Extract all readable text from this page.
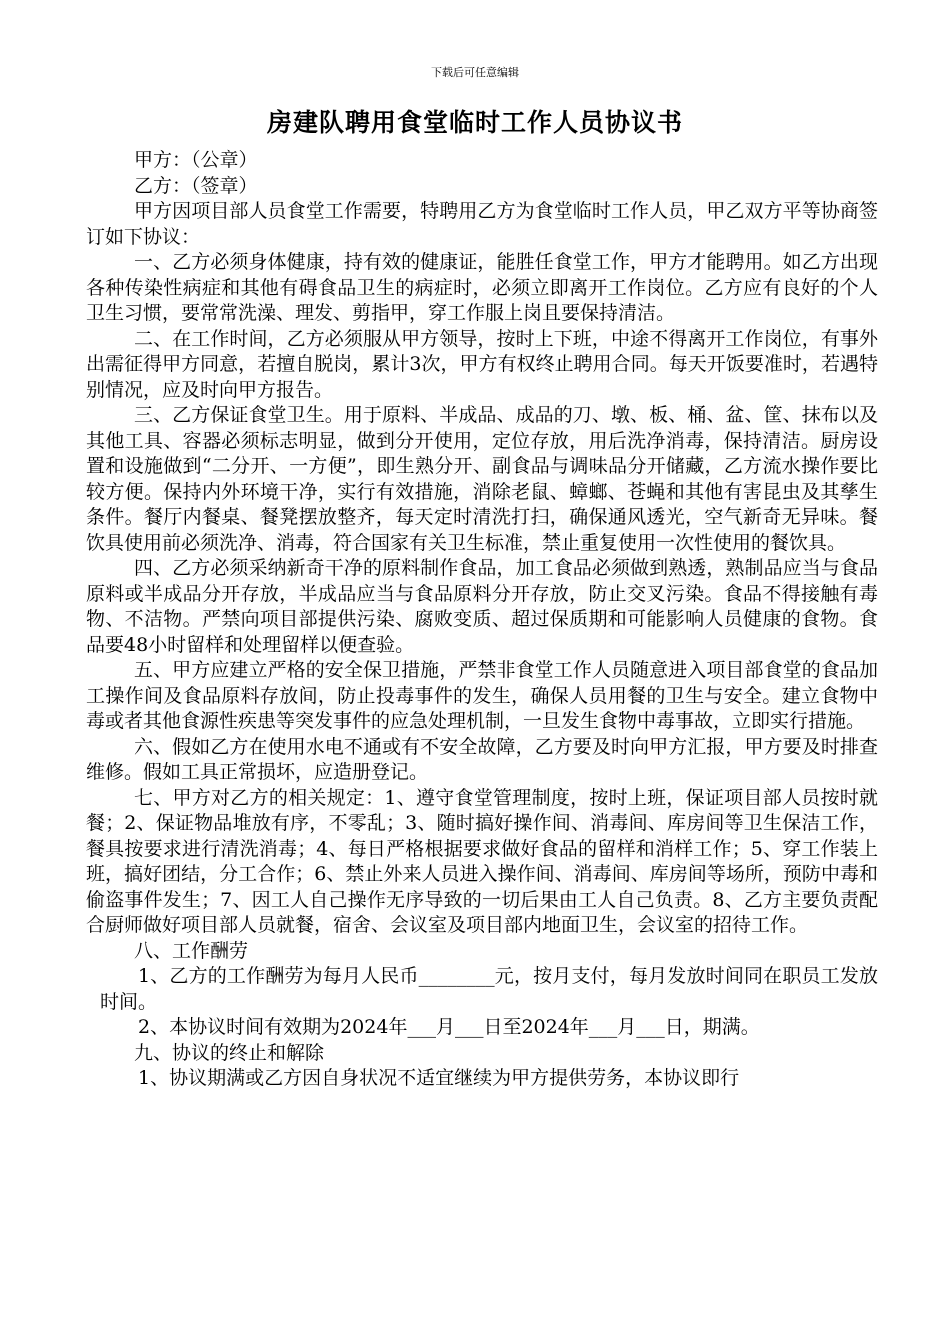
下载后可任意编辑
房建队聘用食堂临时工作人员协议书

甲方：（公章）

乙方：（签章）

甲方因项目部人员食堂工作需要，特聘用乙方为食堂临时工作人员，甲乙双方平等协商签订如下协议：

一、乙方必须身体健康，持有效的健康证，能胜任食堂工作，甲方才能聘用。如乙方出现各种传染性病症和其他有碍食品卫生的病症时，必须立即离开工作岗位。乙方应有良好的个人卫生习惯，要常常洗澡、理发、剪指甲，穿工作服上岗且要保持清洁。

二、在工作时间，乙方必须服从甲方领导，按时上下班，中途不得离开工作岗位，有事外出需征得甲方同意，若擅自脱岗，累计3次，甲方有权终止聘用合同。每天开饭要准时，若遇特别情况，应及时向甲方报告。

三、乙方保证食堂卫生。用于原料、半成品、成品的刀、墩、板、桶、盆、筐、抹布以及其他工具、容器必须标志明显，做到分开使用，定位存放，用后洗净消毒，保持清洁。厨房设置和设施做到“二分开、一方便”，即生熟分开、副食品与调味品分开储藏，乙方流水操作要比较方便。保持内外环境干净，实行有效措施，消除老鼠、蟑螂、苍蝇和其他有害昆虫及其孳生条件。餐厅内餐桌、餐凳摆放整齐，每天定时清洗打扫，确保通风透光，空气新奇无异味。餐饮具使用前必须洗净、消毒，符合国家有关卫生标准，禁止重复使用一次性使用的餐饮具。

四、乙方必须采纳新奇干净的原料制作食品，加工食品必须做到熟透，熟制品应当与食品原料或半成品分开存放，半成品应当与食品原料分开存放，防止交叉污染。食品不得接触有毒物、不洁物。严禁向项目部提供污染、腐败变质、超过保质期和可能影响人员健康的食物。食品要48小时留样和处理留样以便查验。

五、甲方应建立严格的安全保卫措施，严禁非食堂工作人员随意进入项目部食堂的食品加工操作间及食品原料存放间，防止投毒事件的发生，确保人员用餐的卫生与安全。建立食物中毒或者其他食源性疾患等突发事件的应急处理机制，一旦发生食物中毒事故，立即实行措施。

六、假如乙方在使用水电不通或有不安全故障，乙方要及时向甲方汇报，甲方要及时排查维修。假如工具正常损坏，应造册登记。

七、甲方对乙方的相关规定：1、遵守食堂管理制度，按时上班，保证项目部人员按时就餐；2、保证物品堆放有序，不零乱；3、随时搞好操作间、消毒间、库房间等卫生保洁工作，餐具按要求进行清洗消毒；4、每日严格根据要求做好食品的留样和消样工作；5、穿工作装上班，搞好团结，分工合作；6、禁止外来人员进入操作间、消毒间、库房间等场所，预防中毒和偷盗事件发生；7、因工人自己操作无序导致的一切后果由工人自己负责。8、乙方主要负责配合厨师做好项目部人员就餐，宿舍、会议室及项目部内地面卫生，会议室的招待工作。

八、工作酬劳

1、乙方的工作酬劳为每月人民币________元，按月支付，每月发放时间同在职员工发放时间。

2、本协议时间有效期为2024年___月___日至2024年___月___日，期满。

九、协议的终止和解除

1、协议期满或乙方因自身状况不适宜继续为甲方提供劳务，本协议即行
